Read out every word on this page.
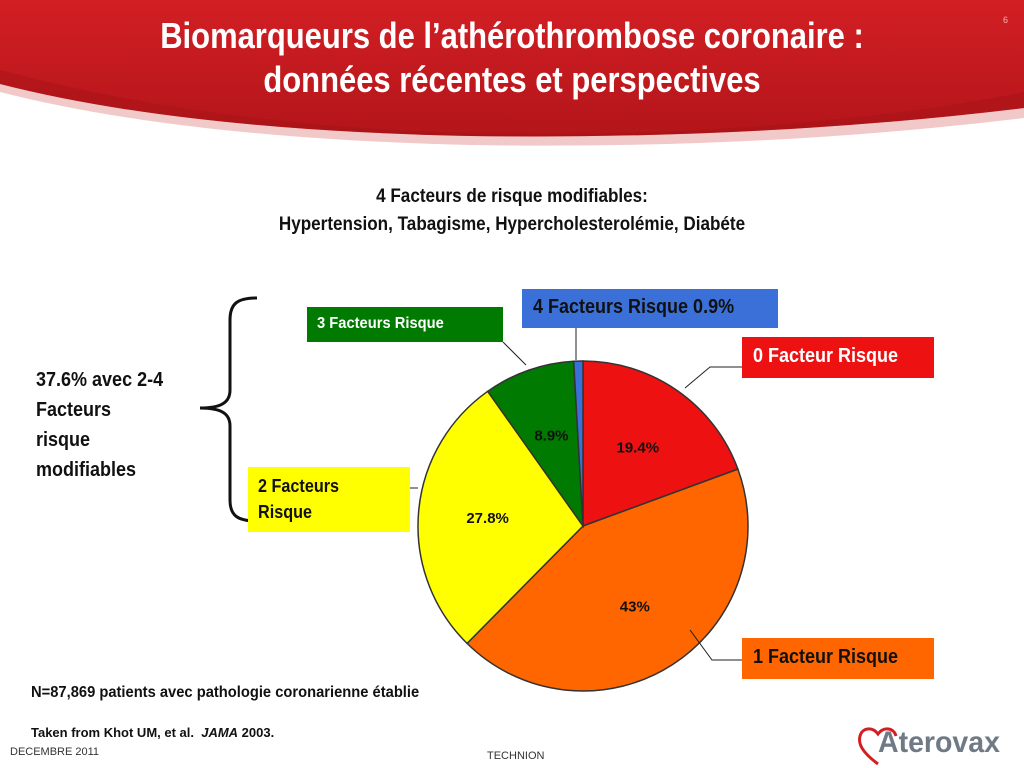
Biomarqueurs de l’athérothrombose coronaire :
données récentes et perspectives
6
4 Facteurs de risque modifiables:
Hypertension, Tabagisme, Hypercholesterolémie, Diabéte
19.4%
43%
27.8%
8.9%
3 Facteurs Risque
4 Facteurs Risque 0.9%
0 Facteur Risque
1 Facteur Risque
2 Facteurs
Risque
37.6% avec 2-4
Facteurs
risque
modifiables
N=87,869 patients avec pathologie coronarienne établie
Taken from Khot UM, et al.  JAMA 2003.
DECEMBRE 2011	TECHNION	Aterovax
